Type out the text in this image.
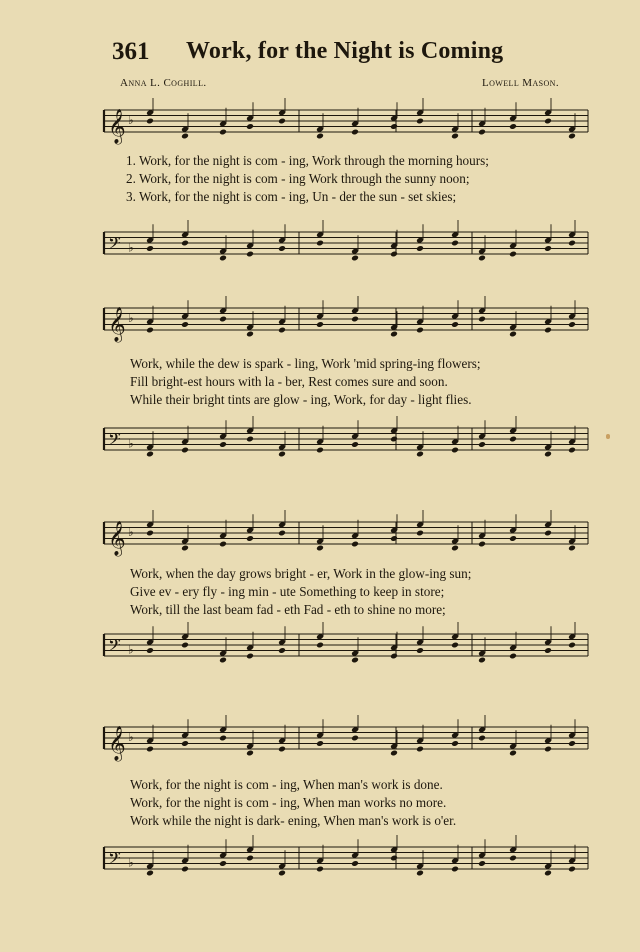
361 Work, for the Night is Coming
Anna L. Coghill.	Lowell Mason.
𝄞 ♭
1. Work, for the night is com - ing, Work through the morning hours;
2. Work, for the night is com - ing Work through the sunny noon;
3. Work, for the night is com - ing, Un - der the sun - set skies;
𝄢 ♭
𝄞 ♭
Work, while the dew is spark - ling, Work 'mid spring-ing flowers;
Fill bright-est hours with la - ber, Rest comes sure and soon.
While their bright tints are glow - ing, Work, for day - light flies.
𝄢 ♭
𝄞 ♭
Work, when the day grows bright - er, Work in the glow-ing sun;
Give ev - ery fly - ing min - ute Something to keep in store;
Work, till the last beam fad - eth Fad - eth to shine no more;
𝄢 ♭
𝄞 ♭
Work, for the night is com - ing, When man's work is done.
Work, for the night is com - ing, When man works no more.
Work while the night is dark- ening, When man's work is o'er.
𝄢 ♭
